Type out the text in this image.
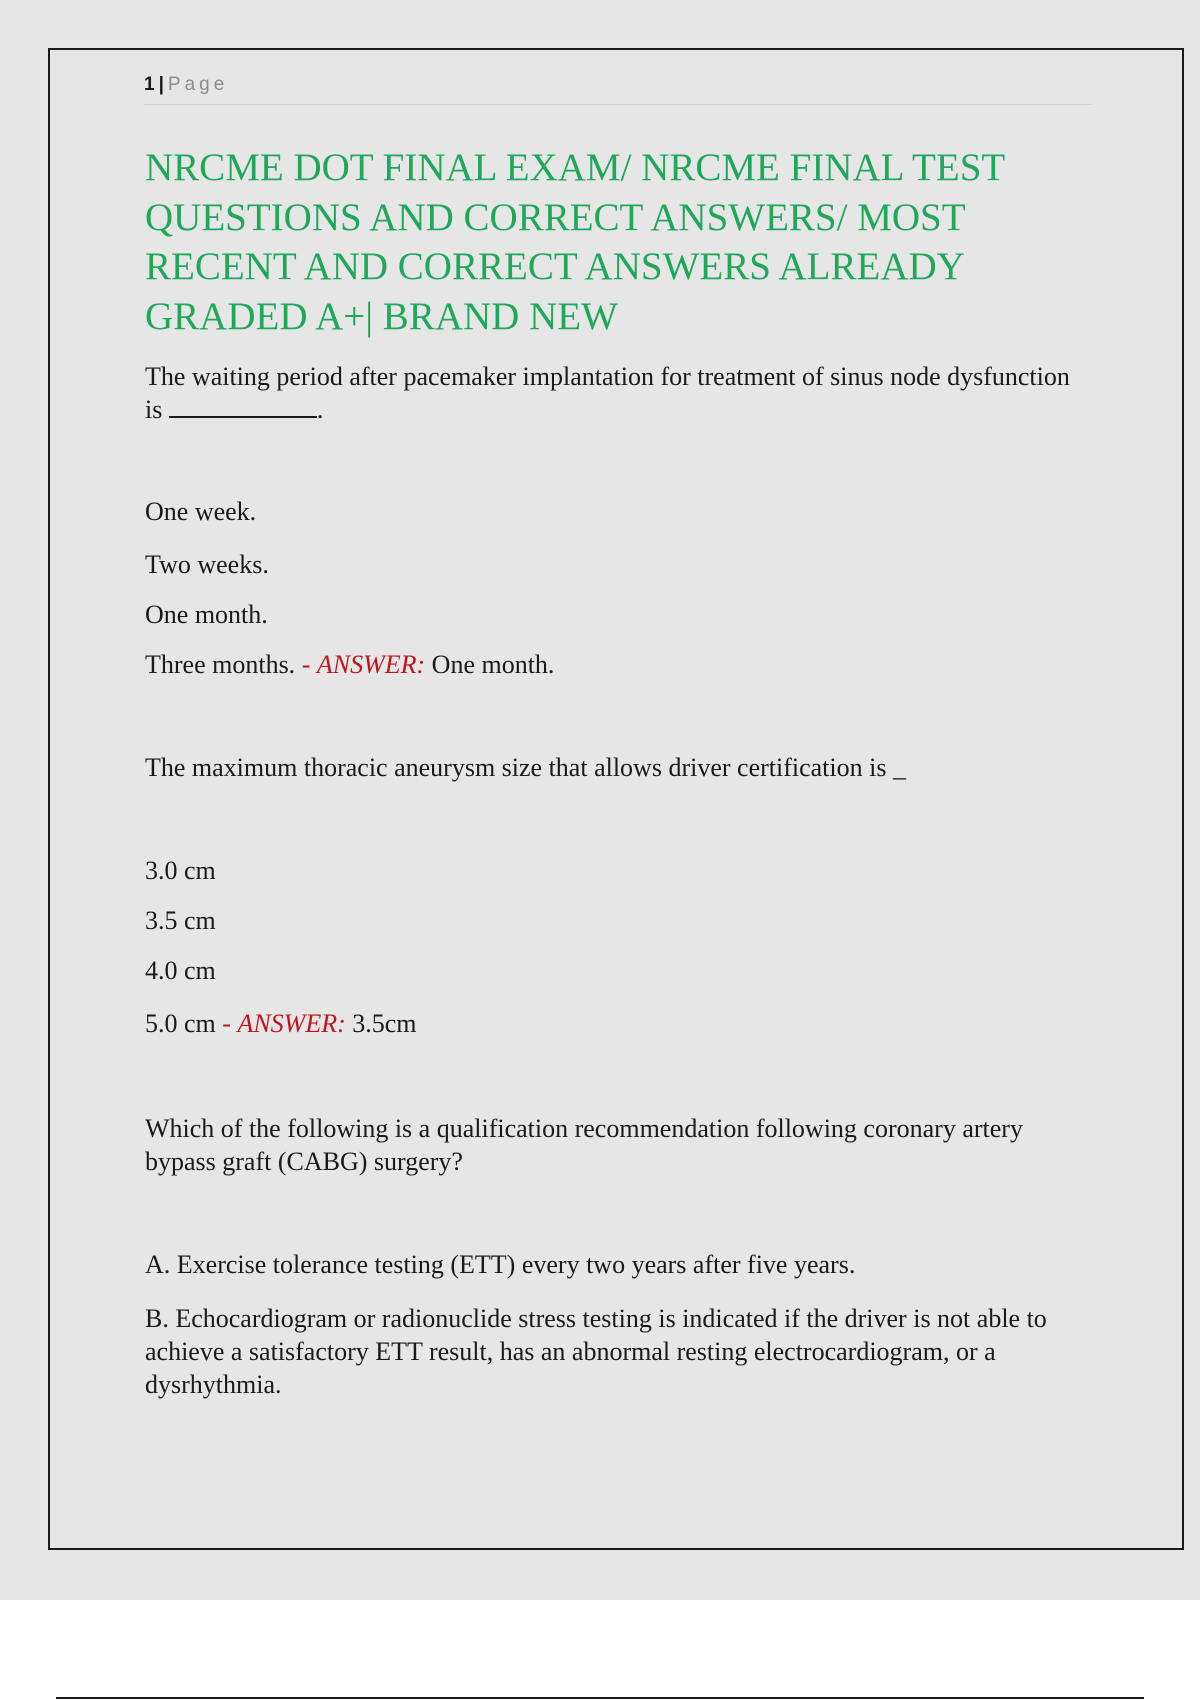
1 | Page
NRCME DOT FINAL EXAM/ NRCME FINAL TEST QUESTIONS AND CORRECT ANSWERS/ MOST RECENT AND CORRECT ANSWERS ALREADY GRADED A+| BRAND NEW

The waiting period after pacemaker implantation for treatment of sinus node dysfunction is	.

One week.

Two weeks.

One month.

Three months. - ANSWER: One month.

The maximum thoracic aneurysm size that allows driver certification is _

3.0 cm

3.5 cm

4.0 cm

5.0 cm - ANSWER: 3.5cm

Which of the following is a qualification recommendation following coronary artery bypass graft (CABG) surgery?

A. Exercise tolerance testing (ETT) every two years after five years.

B. Echocardiogram or radionuclide stress testing is indicated if the driver is not able to achieve a satisfactory ETT result, has an abnormal resting electrocardiogram, or a dysrhythmia.
